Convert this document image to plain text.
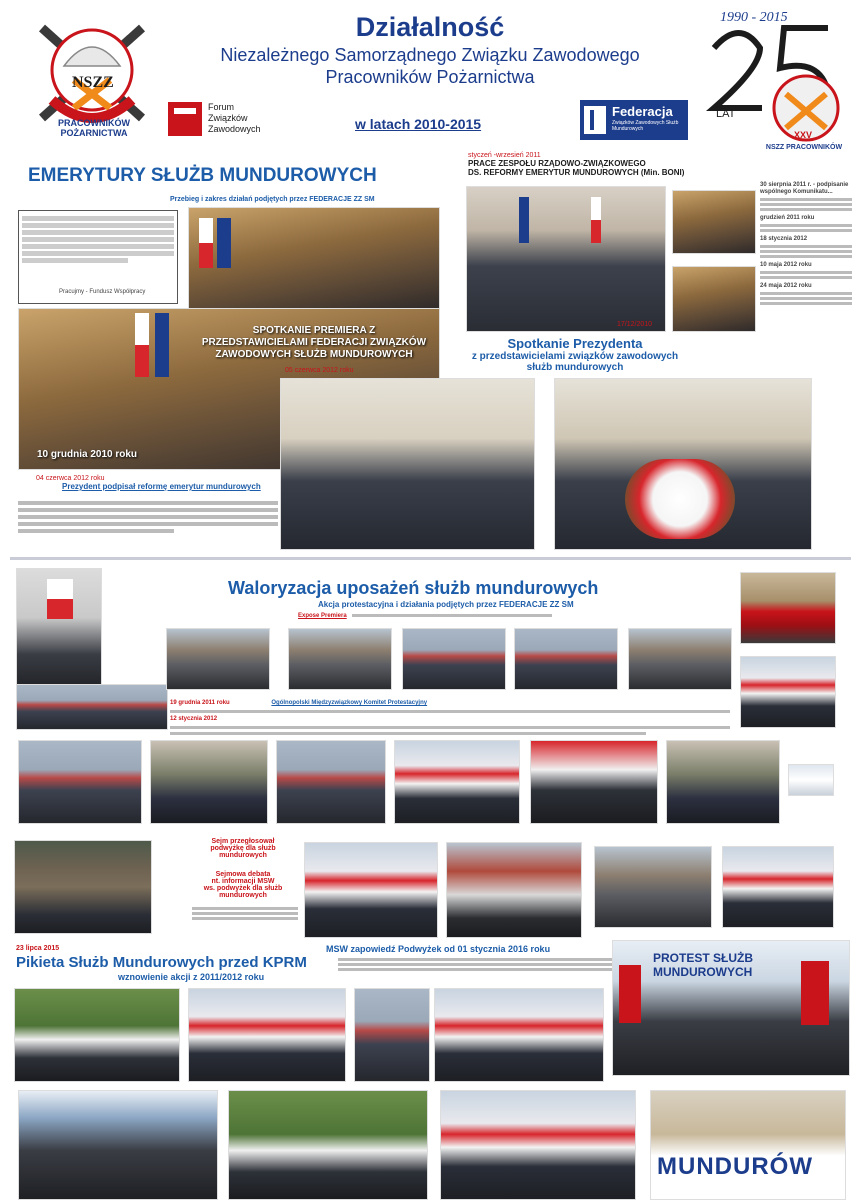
NSZZ
PRACOWNIKÓW POŻARNICTWA
Działalność
Niezależnego Samorządnego Związku Zawodowego
Pracowników Pożarnictwa
Forum Związków Zawodowych	w latach 2010-2015
Federacja
Związków Zawodowych Służb Mundurowych
1990 - 2015
LAT
XXV
NSZZ PRACOWNIKÓW
EMERYTURY SŁUŻB MUNDUROWYCH
Przebieg i zakres działań podjętych przez FEDERACJE ZZ SM
Pracujmy - Fundusz Współpracy
SPOTKANIE PREMIERA Z PRZEDSTAWICIELAMI FEDERACJI ZWIĄZKÓW ZAWODOWYCH SŁUŻB MUNDUROWYCH
10 grudnia 2010 roku
04 czerwca 2012 roku
Prezydent podpisał reformę emerytur mundurowych
05 czerwca 2012 roku
styczeń -wrzesień 2011
PRACE ZESPOŁU RZĄDOWO-ZWIĄZKOWEGO
DS. REFORMY EMERYTUR MUNDUROWYCH (Min. BONI)
17/12/2010
30 sierpnia 2011 r. - podpisanie wspólnego Komunikatu...
grudzień 2011 roku
18 stycznia 2012
10 maja 2012 roku
24 maja 2012 roku
Spotkanie Prezydenta
z przedstawicielami związków zawodowych
służb mundurowych
Waloryzacja uposażeń służb mundurowych
Akcja protestacyjna i działania podjętych przez FEDERACJE ZZ SM
Expose Premiera
19 grudnia 2011 roku	Ogólnopolski Międzyzwiązkowy Komitet Protestacyjny
12 stycznia 2012
Sejm przegłosował
podwyżkę dla służb mundurowych
Sejmowa debata
nt. informacji MSW
ws. podwyżek dla służb mundurowych
23 lipca 2015
Pikieta Służb Mundurowych przed KPRM
wznowienie akcji z 2011/2012 roku
MSW zapowiedź Podwyżek od 01 stycznia 2016 roku
PROTEST SŁUŻB MUNDUROWYCH
MUNDURÓW
